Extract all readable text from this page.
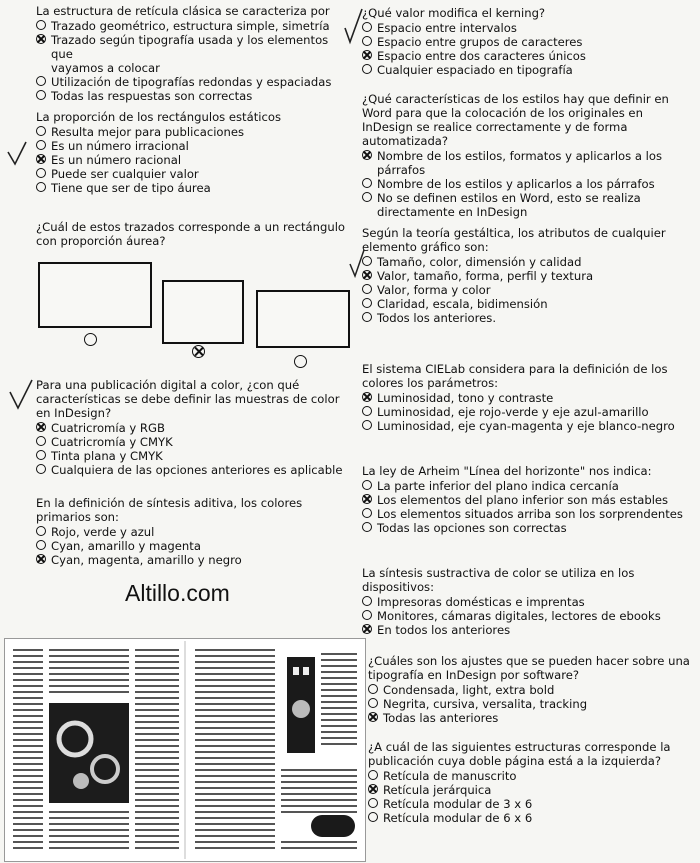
La estructura de retícula clásica se caracteriza por

Trazado geométrico, estructura simple, simetría
Trazado según tipografía usada y los elementos que
vayamos a colocar
Utilización de tipografías redondas y espaciadas
Todas las respuestas son correctas

La proporción de los rectángulos estáticos

Resulta mejor para publicaciones
Es un número irracional
Es un número racional
Puede ser cualquier valor
Tiene que ser de tipo áurea

¿Cuál de estos trazados corresponde a un rectángulo con proporción áurea?

Para una publicación digital a color, ¿con qué características se debe definir las muestras de color en InDesign?

Cuatricromía y RGB
Cuatricromía y CMYK
Tinta plana y CMYK
Cualquiera de las opciones anteriores es aplicable

En la definición de síntesis aditiva, los colores primarios son:

Rojo, verde y azul
Cyan, amarillo y magenta
Cyan, magenta, amarillo y negro
Altillo.com

¿Qué valor modifica el kerning?

Espacio entre intervalos
Espacio entre grupos de caracteres
Espacio entre dos caracteres únicos
Cualquier espaciado en tipografía

¿Qué características de los estilos hay que definir en Word para que la colocación de los originales en InDesign se realice correctamente y de forma automatizada?

Nombre de los estilos, formatos y aplicarlos a los párrafos
Nombre de los estilos y aplicarlos a los párrafos
No se definen estilos en Word, esto se realiza directamente en InDesign

Según la teoría gestáltica, los atributos de cualquier elemento gráfico son:

Tamaño, color, dimensión y calidad
Valor, tamaño, forma, perfil y textura
Valor, forma y color
Claridad, escala, bidimensión
Todos los anteriores.

El sistema CIELab considera para la definición de los colores los parámetros:

Luminosidad, tono y contraste
Luminosidad, eje rojo-verde y eje azul-amarillo
Luminosidad, eje cyan-magenta y eje blanco-negro

La ley de Arheim "Línea del horizonte" nos indica:

La parte inferior del plano indica cercanía
Los elementos del plano inferior son más estables
Los elementos situados arriba son los sorprendentes
Todas las opciones son correctas

La síntesis sustractiva de color se utiliza en los dispositivos:

Impresoras domésticas e imprentas
Monitores, cámaras digitales, lectores de ebooks
En todos los anteriores

¿Cuáles son los ajustes que se pueden hacer sobre una tipografía en InDesign por software?

Condensada, light, extra bold
Negrita, cursiva, versalita, tracking
Todas las anteriores

¿A cuál de las siguientes estructuras corresponde la publicación cuya doble página está a la izquierda?

Retícula de manuscrito
Retícula jerárquica
Retícula modular de 3 x 6
Retícula modular de 6 x 6
